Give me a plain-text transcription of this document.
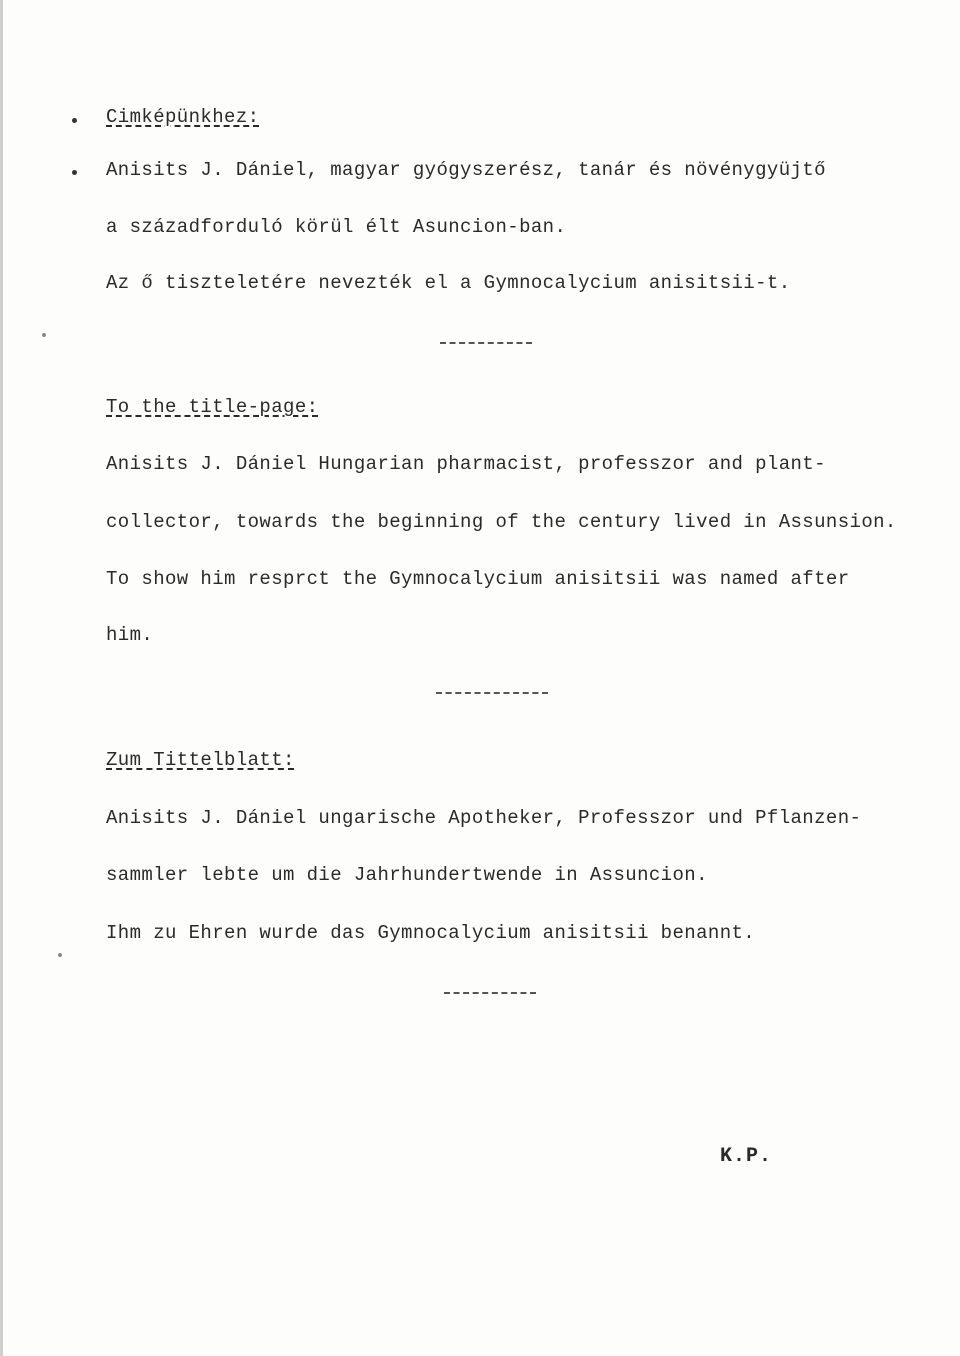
Cimképünkhez:

Anisits J. Dániel, magyar gyógyszerész, tanár és növénygyüjtő

a századforduló körül élt Asuncion-ban.

Az ő tiszteletére nevezték el a Gymnocalycium anisitsii-t.

To the title-page:

Anisits J. Dániel Hungarian pharmacist, professzor and plant-

collector, towards the beginning of the century lived in Assunsion.

To show him resprct the Gymnocalycium anisitsii was named after

him.

Zum Tittelblatt:

Anisits J. Dániel ungarische Apotheker, Professzor und Pflanzen-

sammler lebte um die Jahrhundertwende in Assuncion.

Ihm zu Ehren wurde das Gymnocalycium anisitsii benannt.

K.P.
